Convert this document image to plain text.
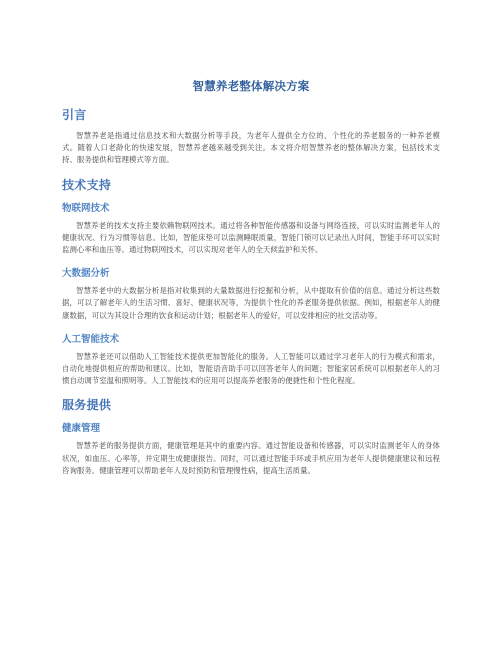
智慧养老整体解决方案
引言

智慧养老是指通过信息技术和大数据分析等手段，为老年人提供全方位的、个性化的养老服务的一种养老模式。随着人口老龄化的快速发展，智慧养老越来越受到关注。本文将介绍智慧养老的整体解决方案，包括技术支持、服务提供和管理模式等方面。

技术支持
物联网技术

智慧养老的技术支持主要依赖物联网技术。通过将各种智能传感器和设备与网络连接，可以实时监测老年人的健康状况、行为习惯等信息。比如，智能床垫可以监测睡眠质量，智能门锁可以记录出入时间，智能手环可以实时监测心率和血压等。通过物联网技术，可以实现对老年人的全天候监护和关怀。

大数据分析

智慧养老中的大数据分析是指对收集到的大量数据进行挖掘和分析，从中提取有价值的信息。通过分析这些数据，可以了解老年人的生活习惯、喜好、健康状况等，为提供个性化的养老服务提供依据。例如，根据老年人的健康数据，可以为其设计合理的饮食和运动计划；根据老年人的爱好，可以安排相应的社交活动等。

人工智能技术

智慧养老还可以借助人工智能技术提供更加智能化的服务。人工智能可以通过学习老年人的行为模式和需求，自动化地提供相应的帮助和建议。比如，智能语音助手可以回答老年人的问题；智能家居系统可以根据老年人的习惯自动调节室温和照明等。人工智能技术的应用可以提高养老服务的便捷性和个性化程度。

服务提供
健康管理

智慧养老的服务提供方面，健康管理是其中的重要内容。通过智能设备和传感器，可以实时监测老年人的身体状况，如血压、心率等，并定期生成健康报告。同时，可以通过智能手环或手机应用为老年人提供健康建议和远程咨询服务。健康管理可以帮助老年人及时预防和管理慢性病，提高生活质量。
